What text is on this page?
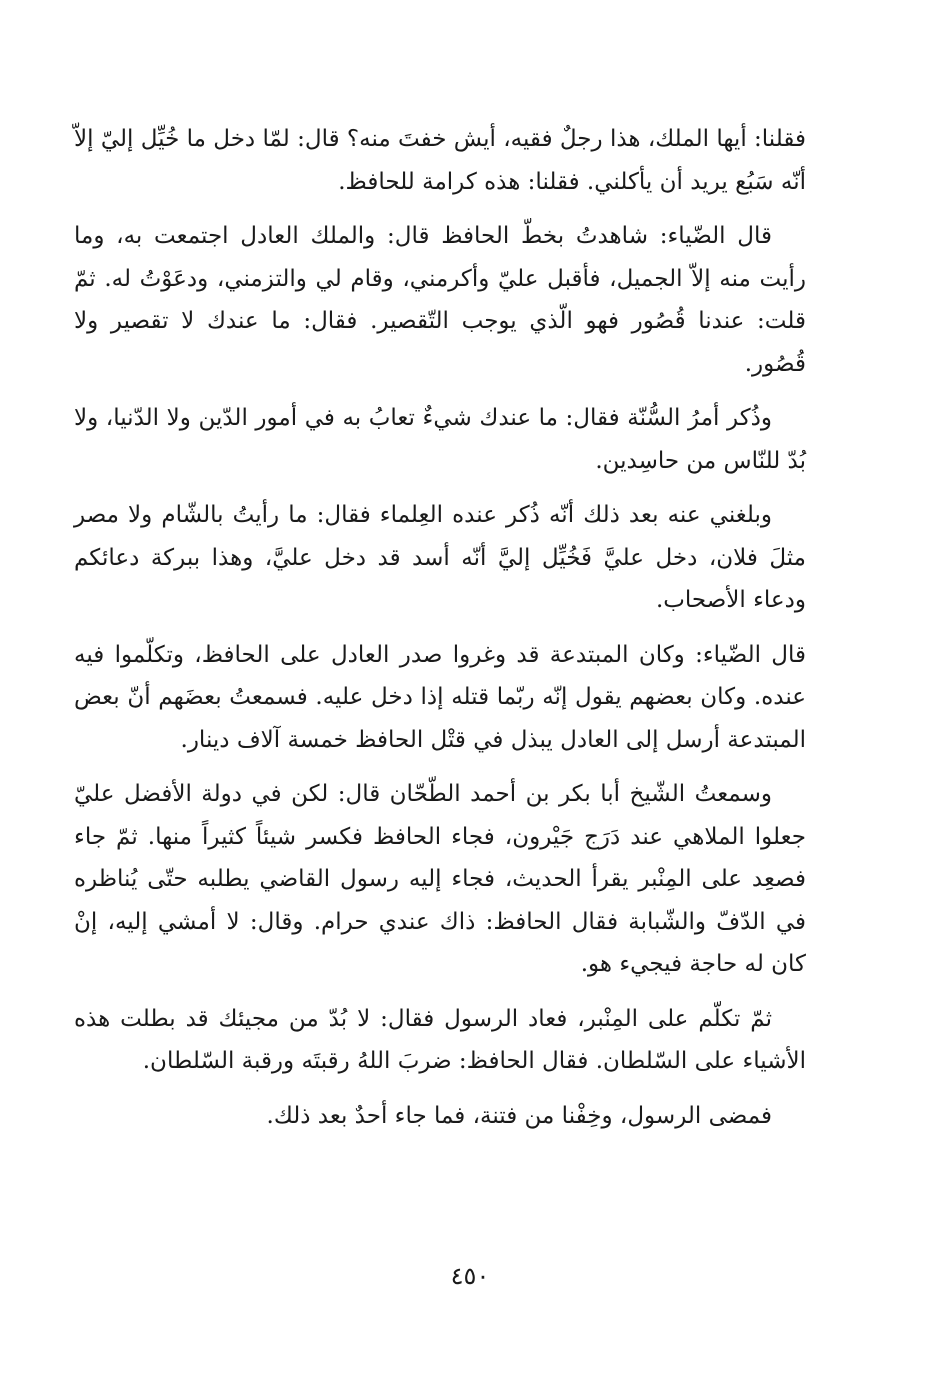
فقلنا: أيها الملك، هذا رجلٌ فقيه، أيش خفتَ منه؟ قال: لمّا دخل ما خُيِّل إليّ إلاّ أنّه سَبُع يريد أن يأكلني. فقلنا: هذه كرامة للحافظ.

قال الضّياء: شاهدتُ بخطّ الحافظ قال: والملك العادل اجتمعت به، وما رأيت منه إلاّ الجميل، فأقبل عليّ وأكرمني، وقام لي والتزمني، ودعَوْتُ له. ثمّ قلت: عندنا قُصُور فهو الّذي يوجب التّقصير. فقال: ما عندك لا تقصير ولا قُصُور.

وذُكر أمرُ السُّنّة فقال: ما عندك شيءٌ تعابُ به في أمور الدّين ولا الدّنيا، ولا بُدّ للنّاس من حاسِدين.

وبلغني عنه بعد ذلك أنّه ذُكر عنده العِلماء فقال: ما رأيتُ بالشّام ولا مصر مثلَ فلان، دخل عليَّ فَخُيِّل إليَّ أنّه أسد قد دخل عليَّ، وهذا ببركة دعائكم ودعاء الأصحاب.

قال الضّياء: وكان المبتدعة قد وغروا صدر العادل على الحافظ، وتكلّموا فيه عنده. وكان بعضهم يقول إنّه ربّما قتله إذا دخل عليه. فسمعتُ بعضَهم أنّ بعض المبتدعة أرسل إلى العادل يبذل في قتْل الحافظ خمسة آلاف دينار.

وسمعتُ الشّيخ أبا بكر بن أحمد الطّحّان قال: لكن في دولة الأفضل عليّ جعلوا الملاهي عند دَرَج جَيْرون، فجاء الحافظ فكسر شيئاً كثيراً منها. ثمّ جاء فصعِد على المِنْبر يقرأ الحديث، فجاء إليه رسول القاضي يطلبه حتّى يُناظره في الدّفّ والشّبابة فقال الحافظ: ذاك عندي حرام. وقال: لا أمشي إليه، إنْ كان له حاجة فيجيء هو.

ثمّ تكلّم على المِنْبر، فعاد الرسول فقال: لا بُدّ من مجيئك قد بطلت هذه الأشياء على السّلطان. فقال الحافظ: ضربَ اللهُ رقبتَه ورقبة السّلطان.

فمضى الرسول، وخِفْنا من فتنة، فما جاء أحدٌ بعد ذلك.

٤٥٠
